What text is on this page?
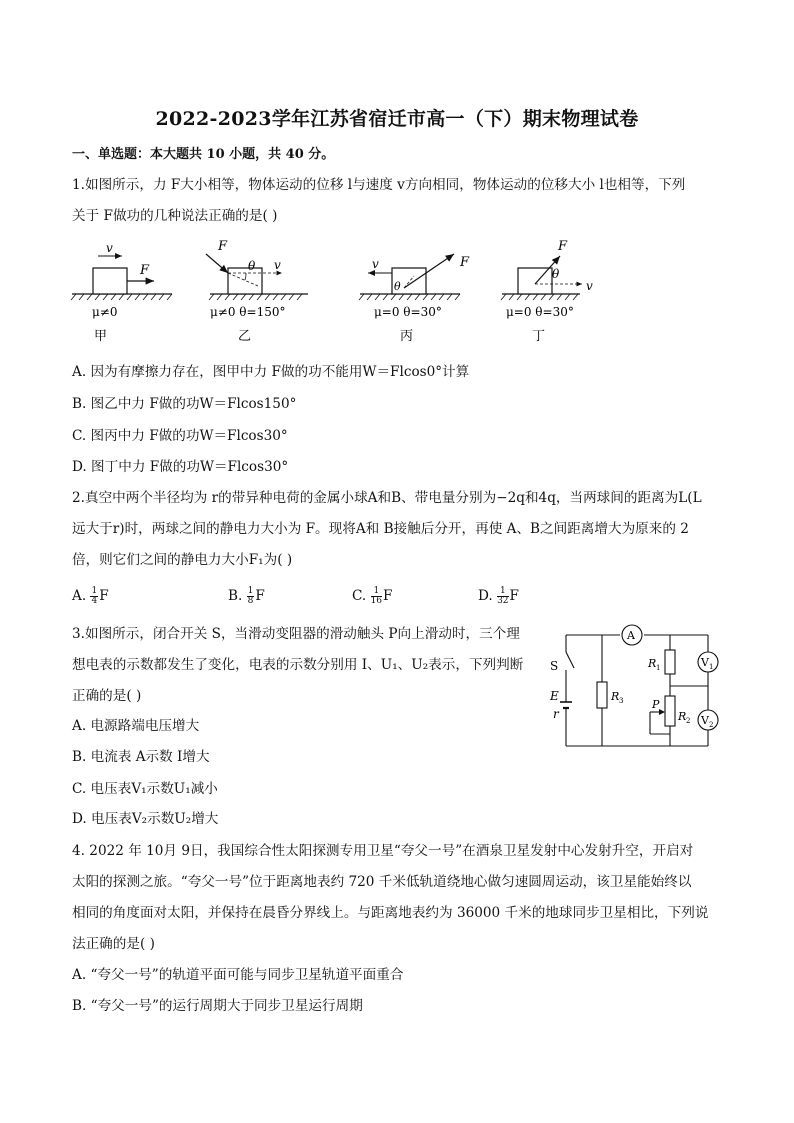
2022-2023学年江苏省宿迁市高一（下）期末物理试卷
一、单选题：本大题共 10 小题，共 40 分。
1.如图所示，力 F大小相等，物体运动的位移 l与速度 v方向相同，物体运动的位移大小 l也相等，下列
关于 F做功的几种说法正确的是( )
v
F
μ≠0
甲
F
θ v
μ≠0 θ=150°
乙
F
θ
v
μ=0 θ=30°
丙
F
θ
v
μ=0 θ=30°
丁
A. 因为有摩擦力存在，图甲中力 F做的功不能用W＝Flcos0°计算
B. 图乙中力 F做的功W＝Flcos150°
C. 图丙中力 F做的功W＝Flcos30°
D. 图丁中力 F做的功W＝Flcos30°
2.真空中两个半径均为 r的带异种电荷的金属小球A和B、带电量分别为−2q和4q，当两球间的距离为L(L
远大于r)时，两球之间的静电力大小为 F。现将A和 B接触后分开，再使 A、B之间距离增大为原来的 2
倍，则它们之间的静电力大小F₁为( )
A. $\frac{1}{4}$ F	B. $\frac{1}{8}$ F	C. $\frac{1}{16}$ F	D. $\frac{1}{32}$ F
3.如图所示，闭合开关 S，当滑动变阻器的滑动触头 P向上滑动时，三个理
想电表的示数都发生了变化，电表的示数分别用 I、U₁、U₂表示，下列判断
正确的是( )
A. 电源路端电压增大
B. 电流表 A示数 I增大
C. 电压表V₁示数U₁减小
D. 电压表V₂示数U₂增大
A
V 1
V 2
S
E
r
R 3
R 1
R 2
P
4. 2022 年 10月 9日，我国综合性太阳探测专用卫星“夸父一号”在酒泉卫星发射中心发射升空，开启对
太阳的探测之旅。“夸父一号”位于距离地表约 720 千米低轨道绕地心做匀速圆周运动，该卫星能始终以
相同的角度面对太阳，并保持在晨昏分界线上。与距离地表约为 36000 千米的地球同步卫星相比，下列说
法正确的是( )
A. “夸父一号”的轨道平面可能与同步卫星轨道平面重合
B. “夸父一号”的运行周期大于同步卫星运行周期
